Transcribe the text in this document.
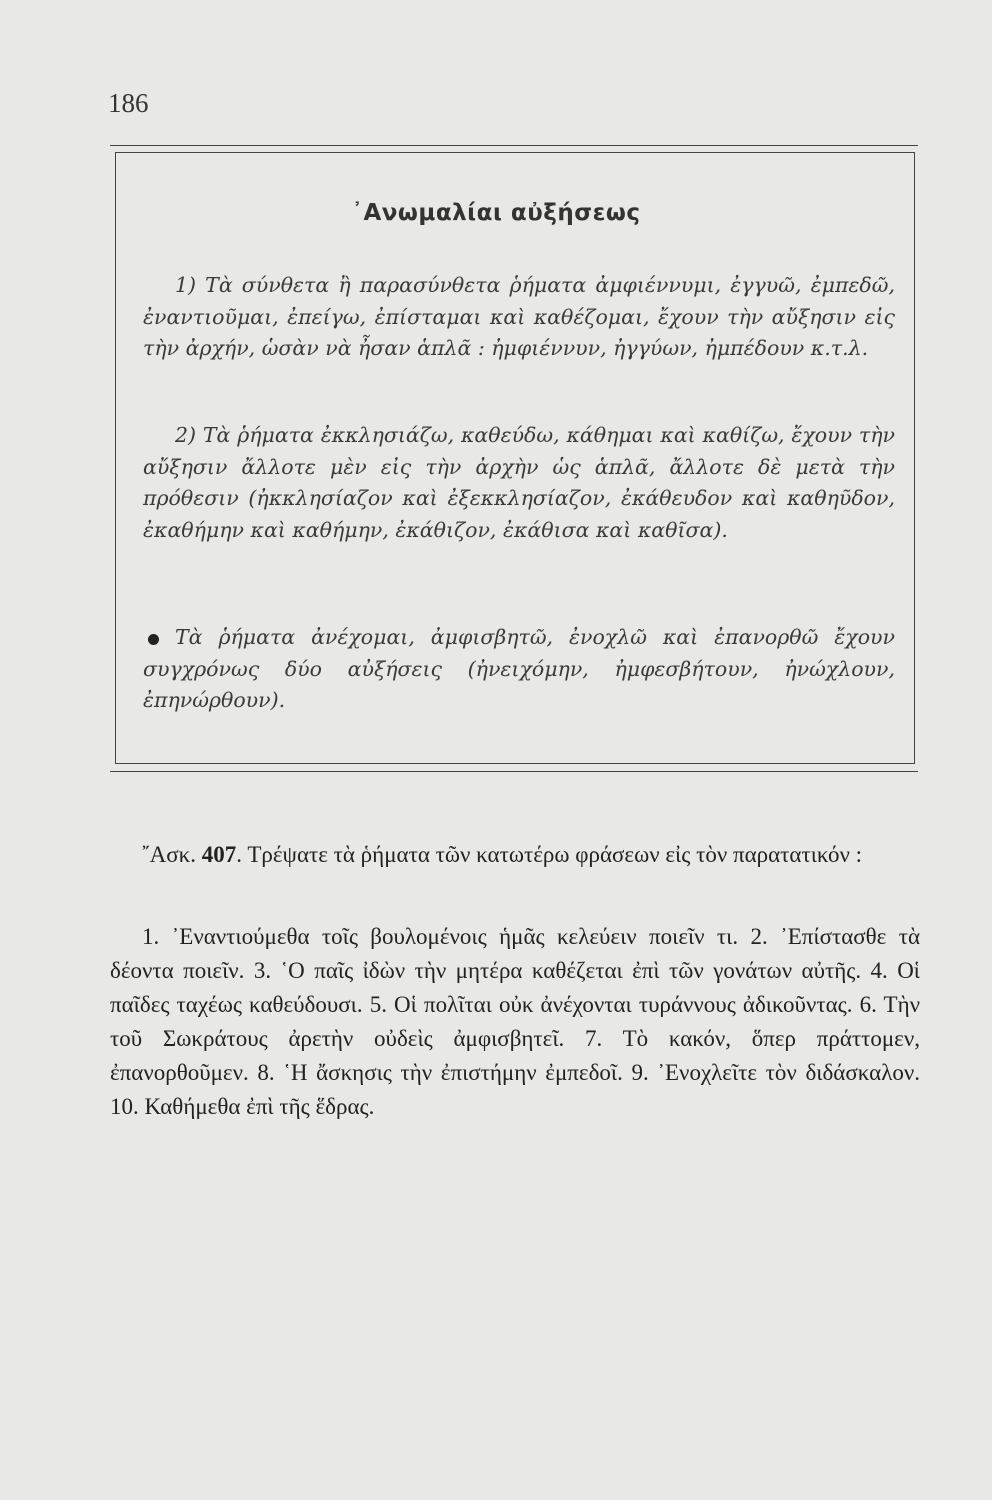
186
᾿Ανωμαλίαι αὐξήσεως
1) Τὰ σύνθετα ἢ παρασύνθετα ῥήματα ἀμφιέννυμι, ἐγγυῶ, ἐμπεδῶ, ἐναντιοῦμαι, ἐπείγω, ἐπίσταμαι καὶ καθέζομαι, ἔχουν τὴν αὔξησιν εἰς τὴν ἀρχήν, ὡσὰν νὰ ἦσαν ἁπλᾶ : ἠμφιέννυν, ἠγγύων, ἠμπέδουν κ.τ.λ.
2) Τὰ ῥήματα ἐκκλησιάζω, καθεύδω, κάθημαι καὶ καθίζω, ἔχουν τὴν αὔξησιν ἄλλοτε μὲν εἰς τὴν ἀρχὴν ὡς ἁπλᾶ, ἄλλοτε δὲ μετὰ τὴν πρόθεσιν (ἠκκλησίαζον καὶ ἐξεκκλησίαζον, ἐκάθευδον καὶ καθηῦδον, ἐκαθήμην καὶ καθήμην, ἐκάθιζον, ἐκάθισα καὶ καθῖσα).
Τὰ ῥήματα ἀνέχομαι, ἀμφισβητῶ, ἐνοχλῶ καὶ ἐπανορθῶ ἔχουν συγχρόνως δύο αὐξήσεις (ἠνειχόμην, ἠμφεσβήτουν, ἠνώχλουν, ἐπηνώρθουν).
῎Ασκ. 407. Τρέψατε τὰ ῥήματα τῶν κατωτέρω φράσεων εἰς τὸν παρατατικόν :
1. ᾿Εναντιούμεθα τοῖς βουλομένοις ἡμᾶς κελεύειν ποιεῖν τι. 2. ᾿Επίστασθε τὰ δέοντα ποιεῖν. 3. ῾Ο παῖς ἰδὼν τὴν μητέρα καθέζεται ἐπὶ τῶν γονάτων αὐτῆς. 4. Οἱ παῖδες ταχέως καθεύδουσι. 5. Οἱ πολῖται οὐκ ἀνέχονται τυράννους ἀδικοῦντας. 6. Τὴν τοῦ Σωκράτους ἀρετὴν οὐδεὶς ἀμφισβητεῖ. 7. Τὸ κακόν, ὅπερ πράττομεν, ἐπανορθοῦμεν. 8. ῾Η ἄσκησις τὴν ἐπιστήμην ἐμπεδοῖ. 9. ᾿Ενοχλεῖτε τὸν διδάσκαλον. 10. Καθήμεθα ἐπὶ τῆς ἕδρας.
